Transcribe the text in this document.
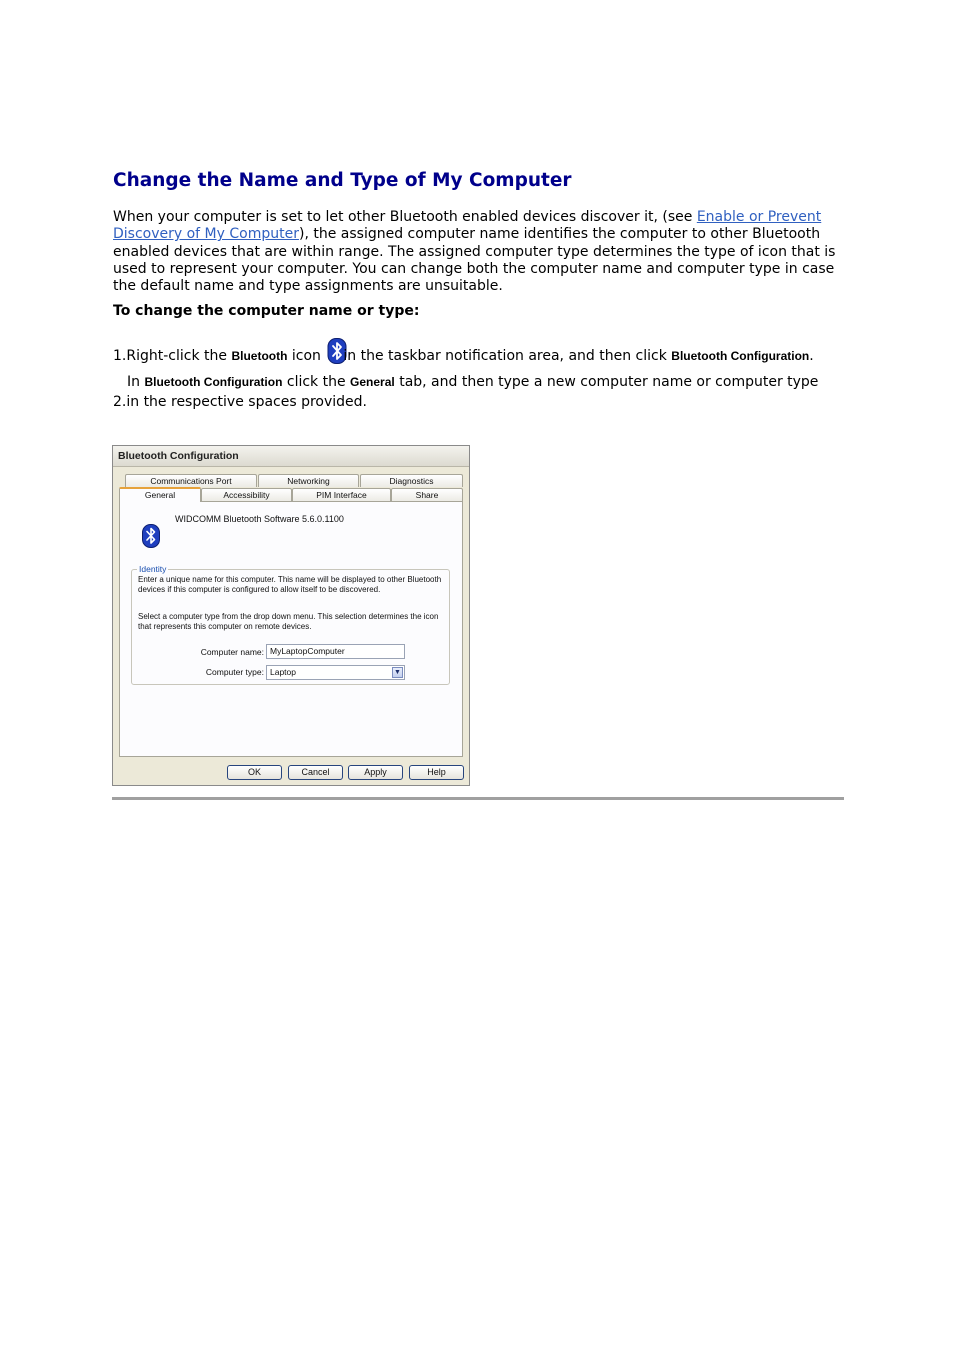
Change the Name and Type of My Computer
When your computer is set to let other Bluetooth enabled devices discover it, (see Enable or Prevent Discovery of My Computer), the assigned computer name identifies the computer to other Bluetooth enabled devices that are within range. The assigned computer type determines the type of icon that is used to represent your computer. You can change both the computer name and computer type in case the default name and type assignments are unsuitable.
To change the computer name or type:
1.Right-click the Bluetooth icon in the taskbar notification area, and then click Bluetooth Configuration.
In Bluetooth Configuration click the General tab, and then type a new computer name or computer type
2.in the respective spaces provided.
Bluetooth Configuration
Communications Port	Networking	Diagnostics
General	Accessibility	PIM Interface	Share
WIDCOMM Bluetooth Software 5.6.0.1100
Identity
Enter a unique name for this computer. This name will be displayed to other Bluetooth
devices if this computer is configured to allow itself to be discovered.
Select a computer type from the drop down menu. This selection determines the icon
that represents this computer on remote devices.
Computer name: MyLaptopComputer
Computer type: Laptop	▼
OK	Cancel	Apply	Help
